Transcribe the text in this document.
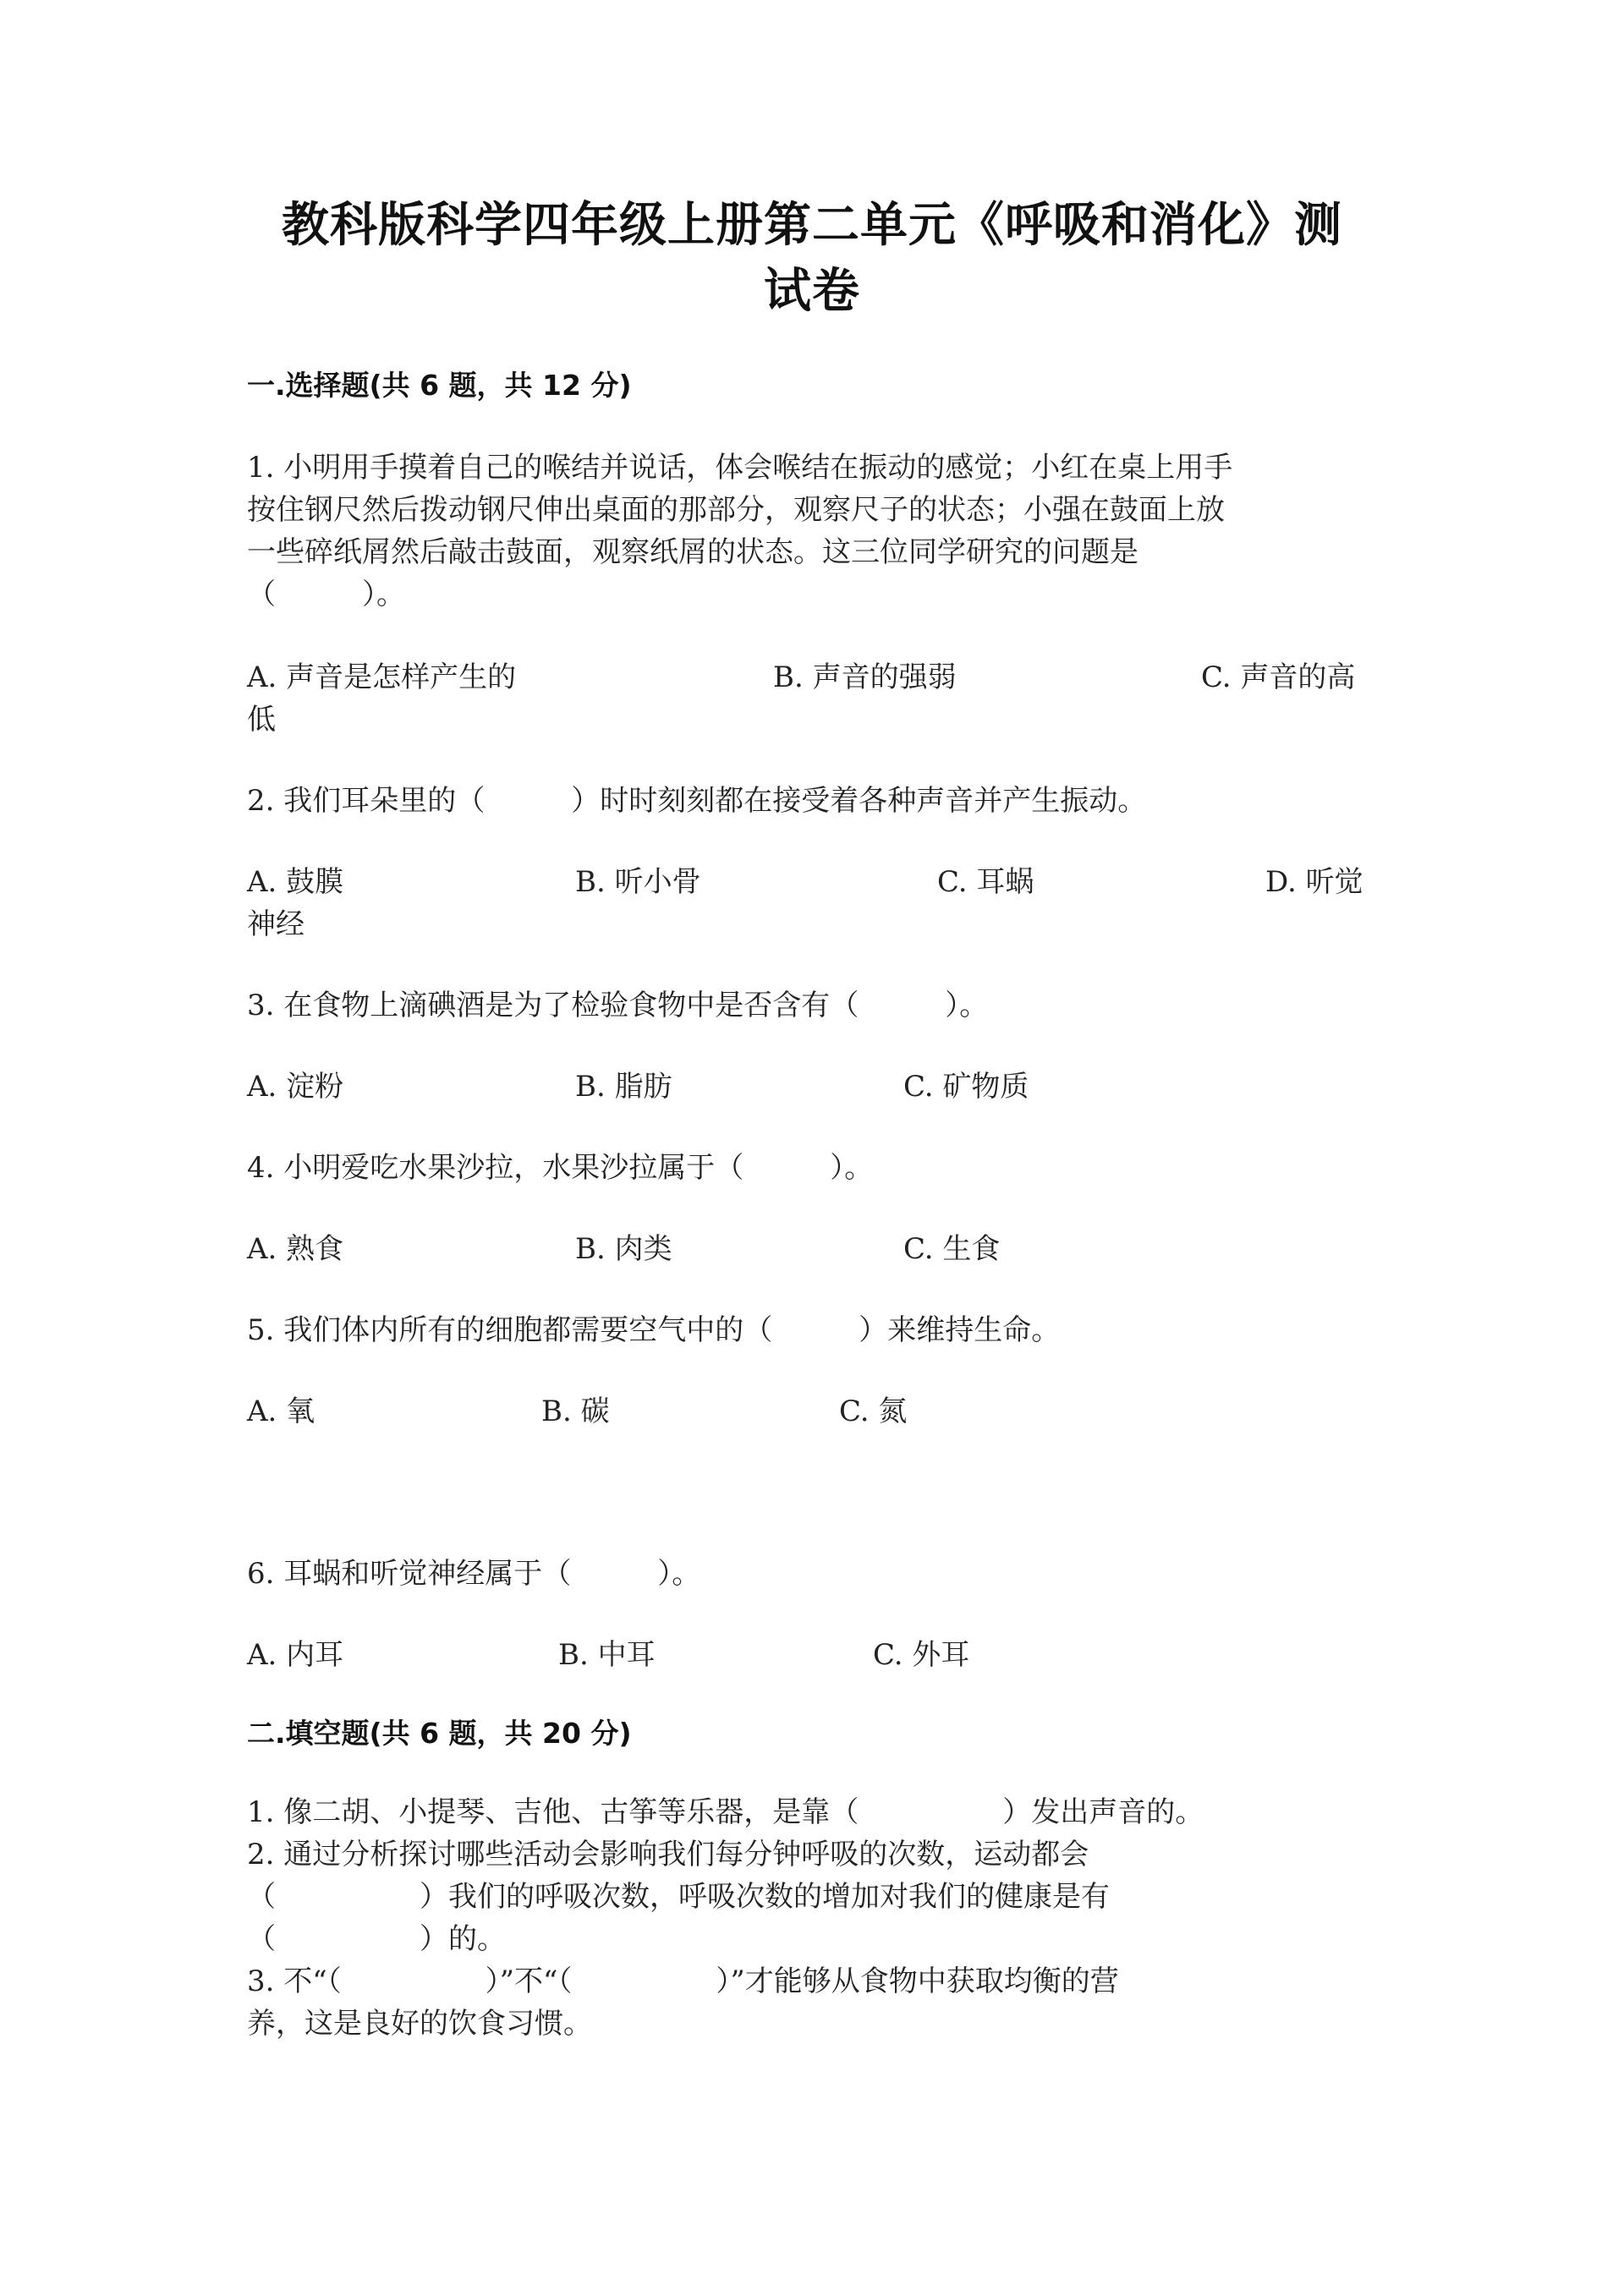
教科版科学四年级上册第二单元《呼吸和消化》测
试卷
一.选择题(共 6 题，共 12 分)
1. 小明用手摸着自己的喉结并说话，体会喉结在振动的感觉；小红在桌上用手
按住钢尺然后拨动钢尺伸出桌面的那部分，观察尺子的状态；小强在鼓面上放
一些碎纸屑然后敲击鼓面，观察纸屑的状态。这三位同学研究的问题是
（　　　）。
A. 声音是怎样产生的	B. 声音的强弱	C. 声音的高
低
2. 我们耳朵里的（　　　）时时刻刻都在接受着各种声音并产生振动。
A. 鼓膜	B. 听小骨	C. 耳蜗	D. 听觉
神经
3. 在食物上滴碘酒是为了检验食物中是否含有（　　　）。
A. 淀粉	B. 脂肪	C. 矿物质
4. 小明爱吃水果沙拉，水果沙拉属于（　　　）。
A. 熟食	B. 肉类	C. 生食
5. 我们体内所有的细胞都需要空气中的（　　　）来维持生命。
A. 氧	B. 碳	C. 氮
6. 耳蜗和听觉神经属于（　　　）。
A. 内耳	B. 中耳	C. 外耳
二.填空题(共 6 题，共 20 分)
1. 像二胡、小提琴、吉他、古筝等乐器，是靠（　　　　　）发出声音的。
2. 通过分析探讨哪些活动会影响我们每分钟呼吸的次数，运动都会
（　　　　　）我们的呼吸次数，呼吸次数的增加对我们的健康是有
（　　　　　）的。
3. 不“（　　　　　）”不“（　　　　　）”才能够从食物中获取均衡的营
养，这是良好的饮食习惯。
